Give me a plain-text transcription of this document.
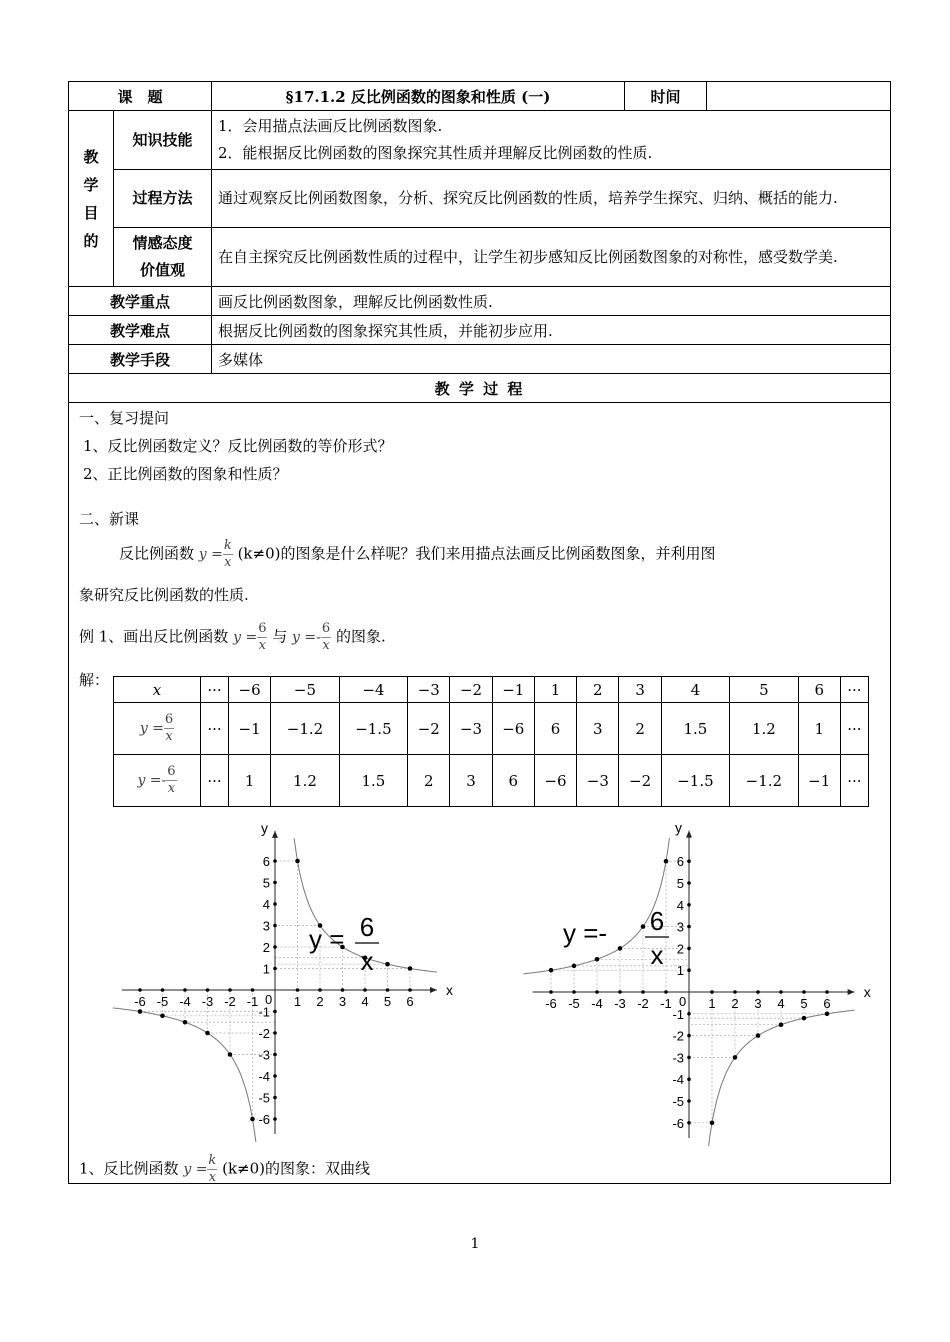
课　题	§17.1.2 反比例函数的图象和性质 (一)	时间	

教
学
目
的
	知识技能	
1．会用描点法画反比例函数图象.
2．能根据反比例函数的图象探究其性质并理解反比例函数的性质.

过程方法	通过观察反比例函数图象，分析、探究反比例函数的性质，培养学生探究、归纳、概括的能力.

情感态度
价值观
	在自主探究反比例函数性质的过程中，让学生初步感知反比例函数图象的对称性，感受数学美.
教学重点	画反比例函数图象，理解反比例函数性质.
教学难点	根据反比例函数的图象探究其性质，并能初步应用.
教学手段	多媒体
教 学 过 程

一、复习提问
1、反比例函数定义？反比例函数的等价形式？
2、正比例函数的图象和性质？
二、新课
反比例函数 $y = \frac{k}{x} (k\ne 0)$的图象是什么样呢？我们来用描点法画反比例函数图象，并利用图
象研究反比例函数的性质.
例 1、画出反比例函数 $y = \frac{6}{x}$ 与 $y =- \frac{6}{x}$ 的图象.
解：
x	···	−6	−5	−4	−3	−2	−1	1	2	3	4	5	6	···
$y = \frac{6}{x}$	···	−1	−1.2	−1.5	−2	−3	−6	6	3	2	1.5	1.2	1	···
$y =- \frac{6}{x}$	···	1	1.2	1.5	2	3	6	−6	−3	−2	−1.5	−1.2	−1	···
x
y
1
1
-1
-1
2
2
-2
-2
3
3
-3
-3
4
4
-4
-4
5
5
-5
-5
6
6
-6
-6
0
y = 6
x
x
y
1
1
-1
-1
2
2
-2
-2
3
3
-3
-3
4
4
-4
-4
5
5
-5
-5
6
6
-6
-6
0
y =- 6
x
1、反比例函数 $y = \frac{k}{x} (k\ne 0)$的图象：双曲线
1
